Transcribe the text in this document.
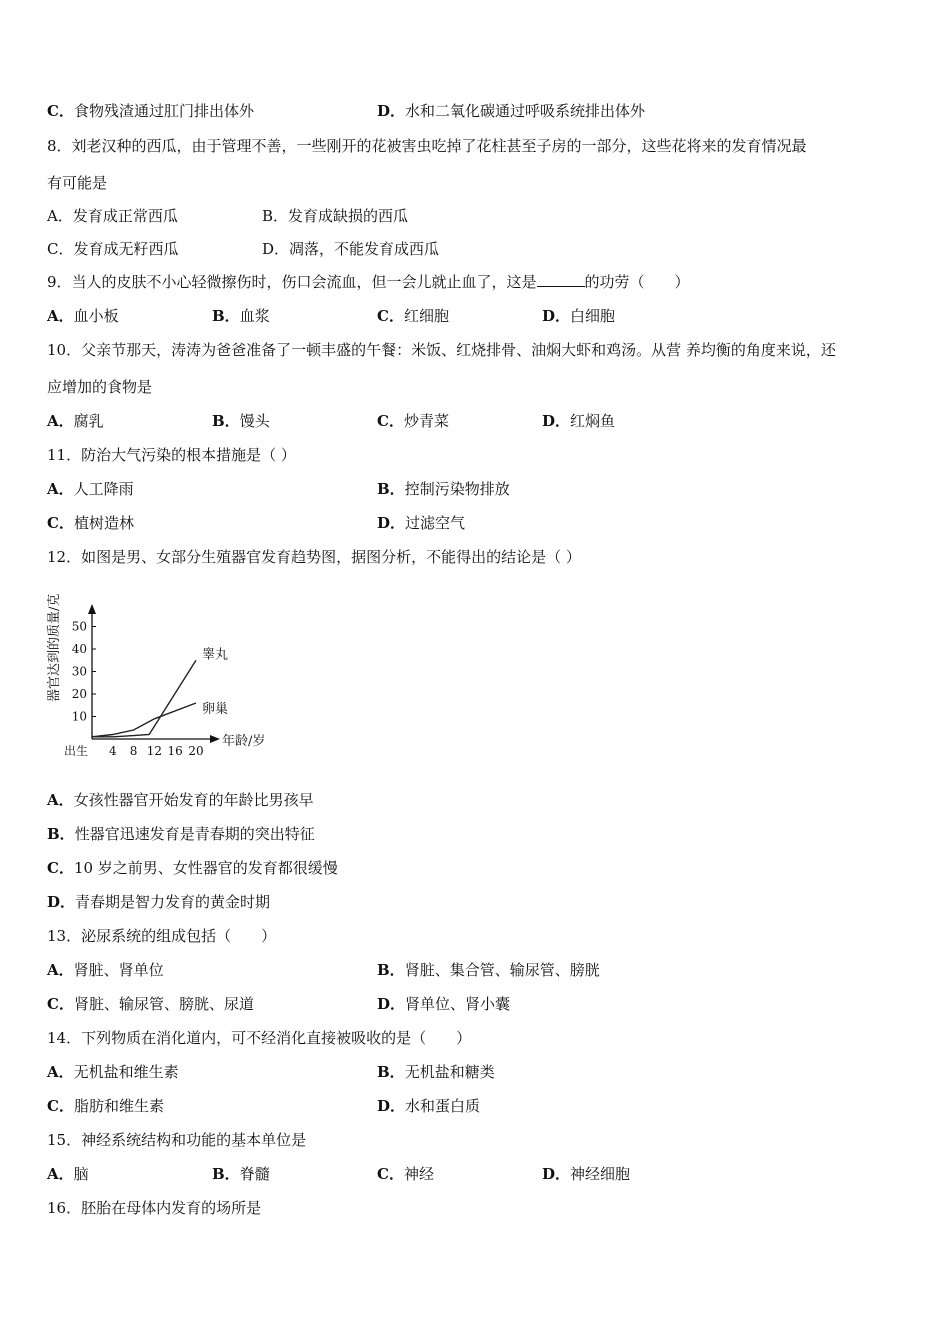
C．食物残渣通过肛门排出体外	D．水和二氧化碳通过呼吸系统排出体外
8．刘老汉种的西瓜，由于管理不善，一些刚开的花被害虫吃掉了花柱甚至子房的一部分，这些花将来的发育情况最
有可能是
A．发育成正常西瓜	B．发育成缺损的西瓜
C．发育成无籽西瓜	D．凋落，不能发育成西瓜
9．当人的皮肤不小心轻微擦伤时，伤口会流血，但一会儿就止血了，这是	的功劳（　　）
A．血小板	B．血浆	C．红细胞	D．白细胞
10．父亲节那天，涛涛为爸爸准备了一顿丰盛的午餐：米饭、红烧排骨、油焖大虾和鸡汤。从营 养均衡的角度来说，还
应增加的食物是
A．腐乳	B．馒头	C．炒青菜	D．红焖鱼
11．防治大气污染的根本措施是（ ）
A．人工降雨	B．控制污染物排放
C．植树造林	D．过滤空气
12．如图是男、女部分生殖器官发育趋势图，据图分析，不能得出的结论是（ ）
10
20
30
40
50
出生 4 8 12 16 20
年龄/岁
器官达到的质量/克	睾丸
卵巢
A．女孩性器官开始发育的年龄比男孩早
B．性器官迅速发育是青春期的突出特征
C．10 岁之前男、女性器官的发育都很缓慢
D．青春期是智力发育的黄金时期
13．泌尿系统的组成包括（　　）
A．肾脏、肾单位	B．肾脏、集合管、输尿管、膀胱
C．肾脏、输尿管、膀胱、尿道	D．肾单位、肾小囊
14．下列物质在消化道内，可不经消化直接被吸收的是（　　）
A．无机盐和维生素	B．无机盐和糖类
C．脂肪和维生素	D．水和蛋白质
15．神经系统结构和功能的基本单位是
A．脑	B．脊髓	C．神经	D．神经细胞
16．胚胎在母体内发育的场所是
